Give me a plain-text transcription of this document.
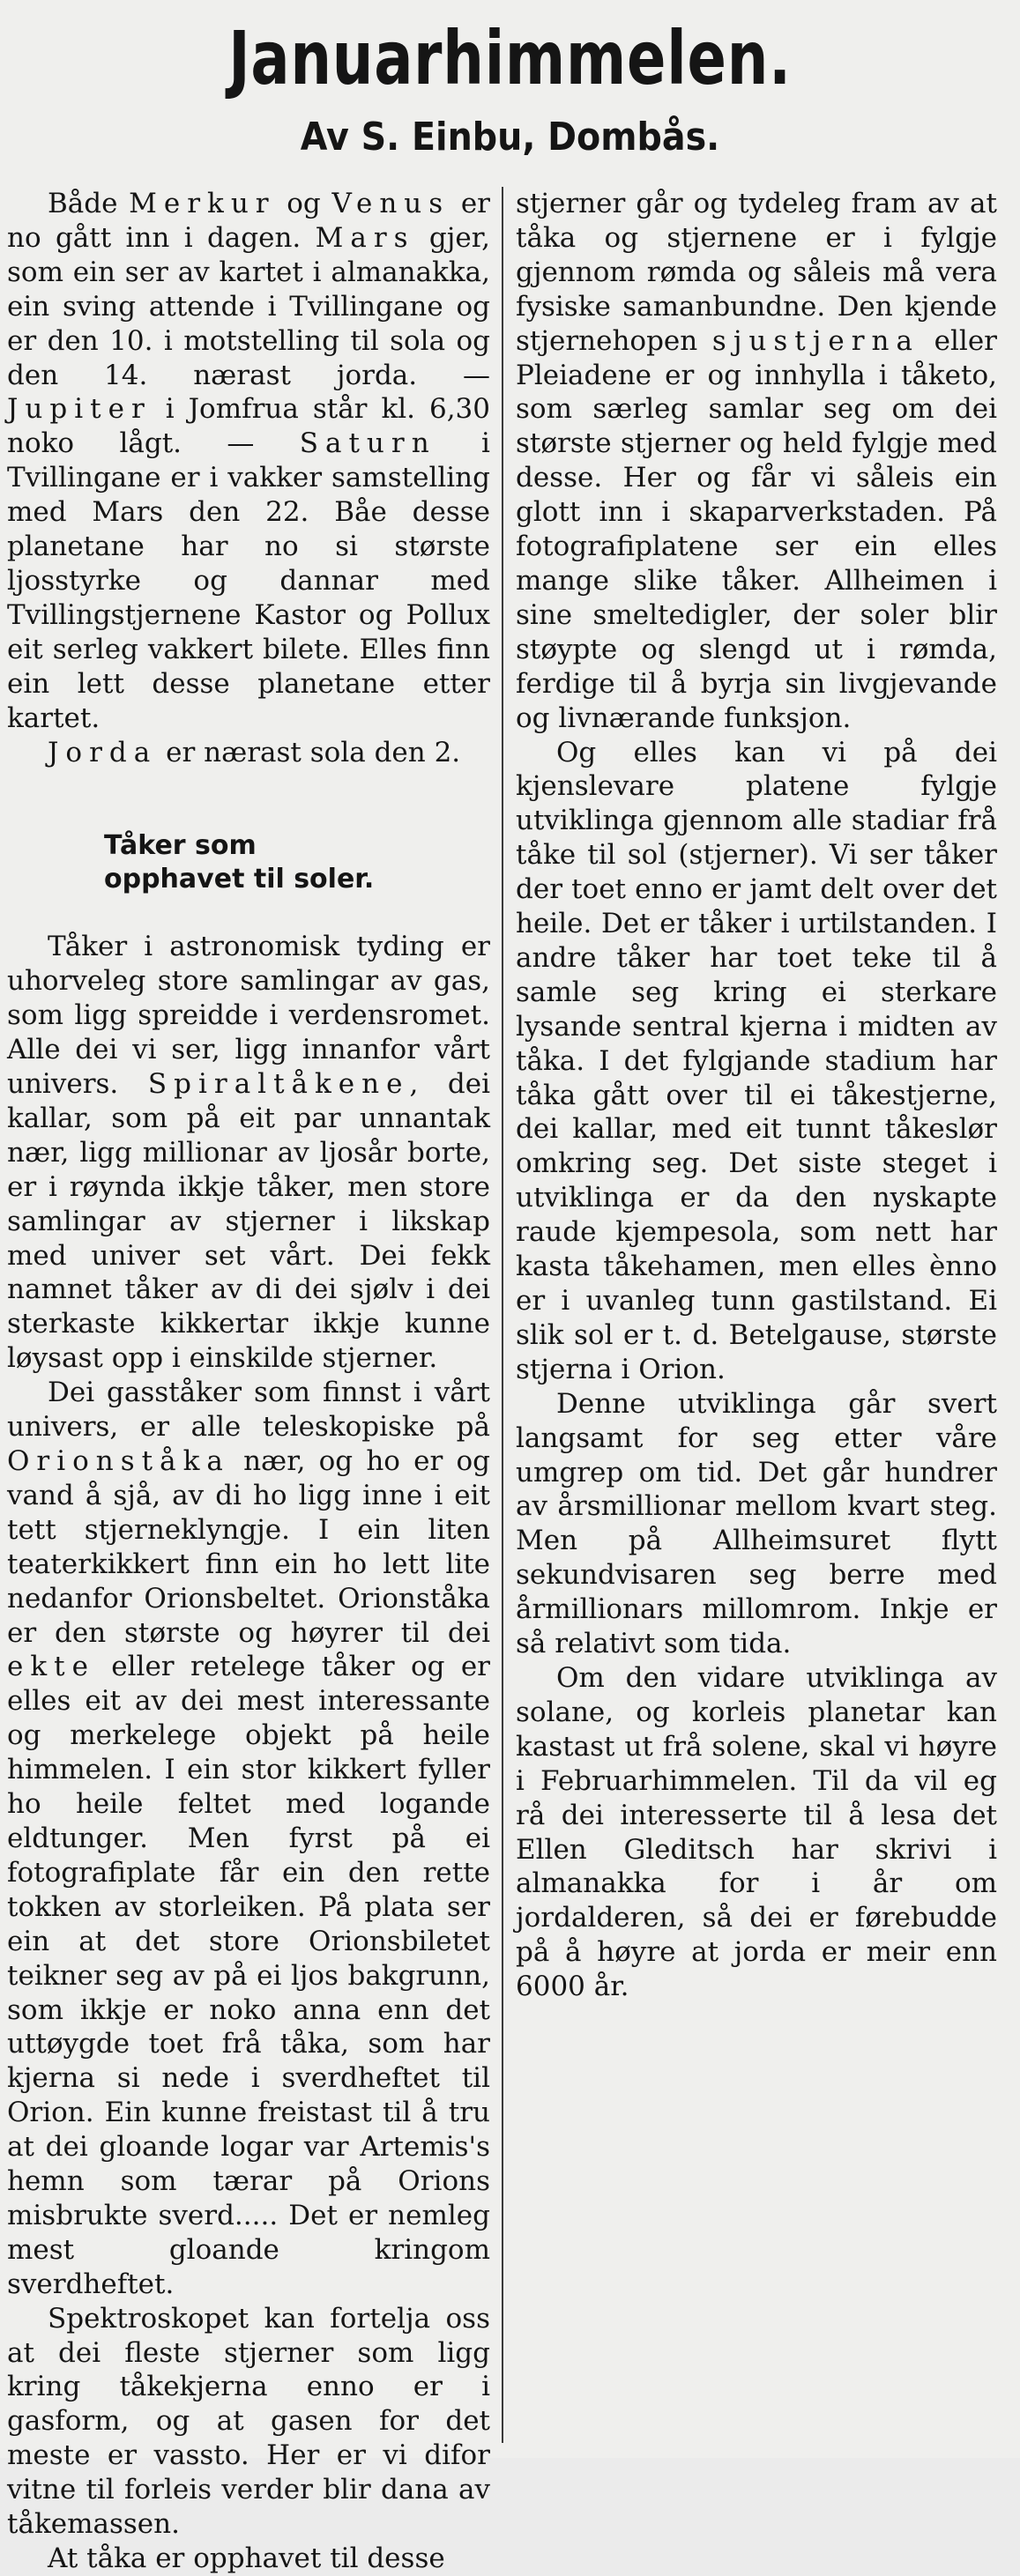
Januarhimmelen.
Av S. Einbu, Dombås.

Både Merkur og Venus er no gått inn i dagen. Mars gjer, som ein ser av kartet i almanakka, ein sving attende i Tvillingane og er den 10. i motstelling til sola og den 14. nærast jorda. — Jupiter i Jomfrua står kl. 6,30 noko lågt. — Saturn i Tvillingane er i vakker samstelling med Mars den 22. Båe desse planetane har no si største ljosstyrke og dannar med Tvillingstjernene Kastor og Pollux eit serleg vakkert bilete. Elles finn ein lett desse planetane etter kartet.

Jorda er nærast sola den 2.

Tåker som opphavet til soler.

Tåker i astronomisk tyding er uhorveleg store samlingar av gas, som ligg spreidde i verdensromet. Alle dei vi ser, ligg innanfor vårt univers. Spiraltåkene, dei kallar, som på eit par unnantak nær, ligg millionar av ljosår borte, er i røynda ikkje tåker, men store samlingar av stjerner i likskap med univer set vårt. Dei fekk namnet tåker av di dei sjølv i dei sterkaste kikkertar ikkje kunne løysast opp i einskilde stjerner.

Dei gasståker som finnst i vårt univers, er alle teleskopiske på Orionståka nær, og ho er og vand å sjå, av di ho ligg inne i eit tett stjerneklyngje. I ein liten teaterkikkert finn ein ho lett lite nedanfor Orionsbeltet. Orionståka er den største og høyrer til dei ekte eller retelege tåker og er elles eit av dei mest interessante og merkelege objekt på heile himmelen. I ein stor kikkert fyller ho heile feltet med logande eldtunger. Men fyrst på ei fotografiplate får ein den rette tokken av storleiken. På plata ser ein at det store Orionsbiletet teikner seg av på ei ljos bakgrunn, som ikkje er noko anna enn det uttøygde toet frå tåka, som har kjerna si nede i sverdheftet til Orion. Ein kunne freistast til å tru at dei gloande logar var Artemis's hemn som tærar på Orions misbrukte sverd..... Det er nemleg mest gloande kringom sverdheftet.

Spektroskopet kan fortelja oss at dei fleste stjerner som ligg kring tåkekjerna enno er i gasform, og at gasen for det meste er vassto. Her er vi difor vitne til forleis verder blir dana av tåkemassen.

At tåka er opphavet til desse

stjerner går og tydeleg fram av at tåka og stjernene er i fylgje gjennom rømda og såleis må vera fysiske samanbundne. Den kjende stjernehopen sjustjerna eller Pleiadene er og innhylla i tåketo, som særleg samlar seg om dei største stjerner og held fylgje med desse. Her og får vi såleis ein glott inn i skaparverkstaden. På fotografiplatene ser ein elles mange slike tåker. Allheimen i sine smeltedigler, der soler blir støypte og slengd ut i rømda, ferdige til å byrja sin livgjevande og livnærande funksjon.

Og elles kan vi på dei kjenslevare platene fylgje utviklinga gjennom alle stadiar frå tåke til sol (stjerner). Vi ser tåker der toet enno er jamt delt over det heile. Det er tåker i urtilstanden. I andre tåker har toet teke til å samle seg kring ei sterkare lysande sentral kjerna i midten av tåka. I det fylgjande stadium har tåka gått over til ei tåkestjerne, dei kallar, med eit tunnt tåkeslør omkring seg. Det siste steget i utviklinga er da den nyskapte raude kjempesola, som nett har kasta tåkehamen, men elles ènno er i uvanleg tunn gastilstand. Ei slik sol er t. d. Betelgause, største stjerna i Orion.

Denne utviklinga går svert langsamt for seg etter våre umgrep om tid. Det går hundrer av årsmillionar mellom kvart steg. Men på Allheimsuret flytt sekundvisaren seg berre med årmillionars millomrom. Inkje er så relativt som tida.

Om den vidare utviklinga av solane, og korleis planetar kan kastast ut frå solene, skal vi høyre i Februarhimmelen. Til da vil eg rå dei interesserte til å lesa det Ellen Gleditsch har skrivi i almanakka for i år om jordalderen, så dei er førebudde på å høyre at jorda er meir enn 6000 år.
